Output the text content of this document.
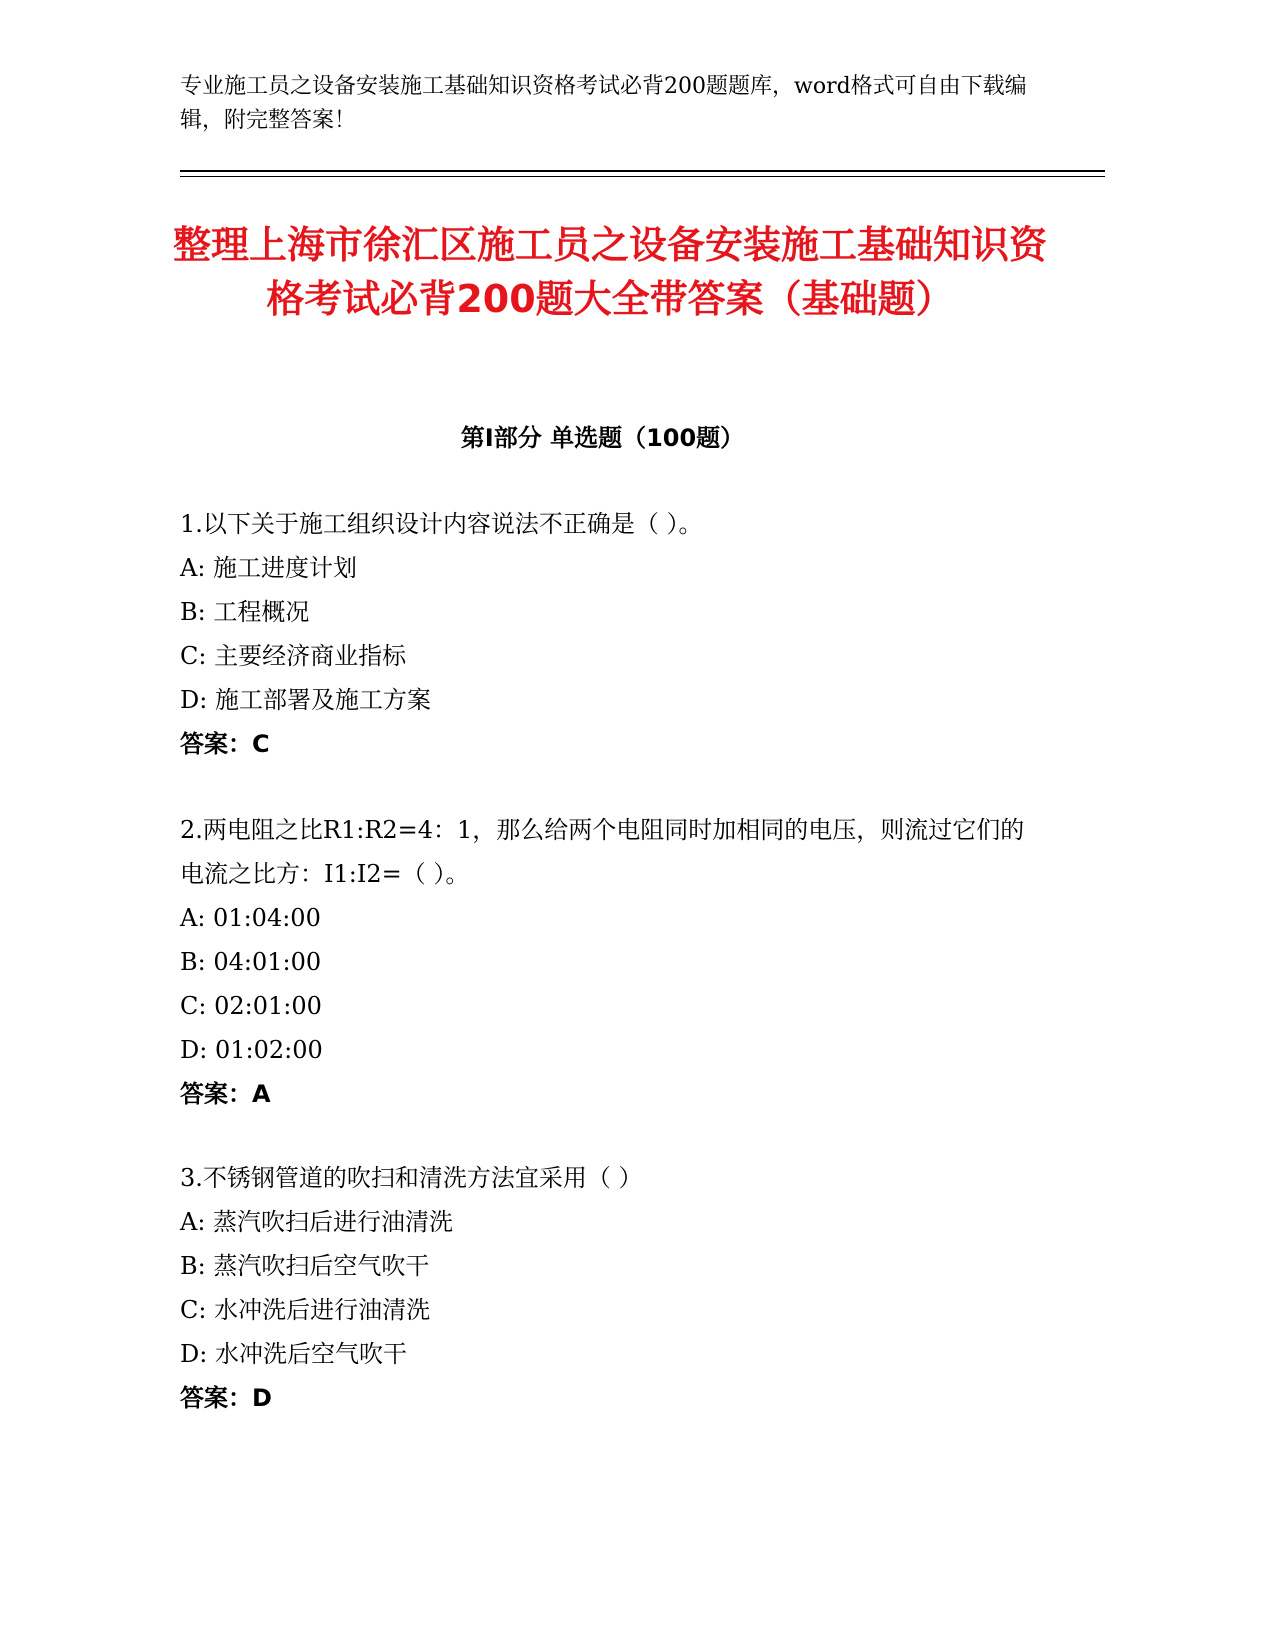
专业施工员之设备安装施工基础知识资格考试必背200题题库，word格式可自由下载编辑，附完整答案！
整理上海市徐汇区施工员之设备安装施工基础知识资格考试必背200题大全带答案（基础题）
第I部分 单选题（100题）
1.以下关于施工组织设计内容说法不正确是（ ）。
A: 施工进度计划
B: 工程概况
C: 主要经济商业指标
D: 施工部署及施工方案
答案：C
2.两电阻之比R1:R2=4：1，那么给两个电阻同时加相同的电压，则流过它们的电流之比方：I1:I2=（ ）。
A: 01:04:00
B: 04:01:00
C: 02:01:00
D: 01:02:00
答案：A
3.不锈钢管道的吹扫和清洗方法宜采用（ ）
A: 蒸汽吹扫后进行油清洗
B: 蒸汽吹扫后空气吹干
C: 水冲洗后进行油清洗
D: 水冲洗后空气吹干
答案：D
